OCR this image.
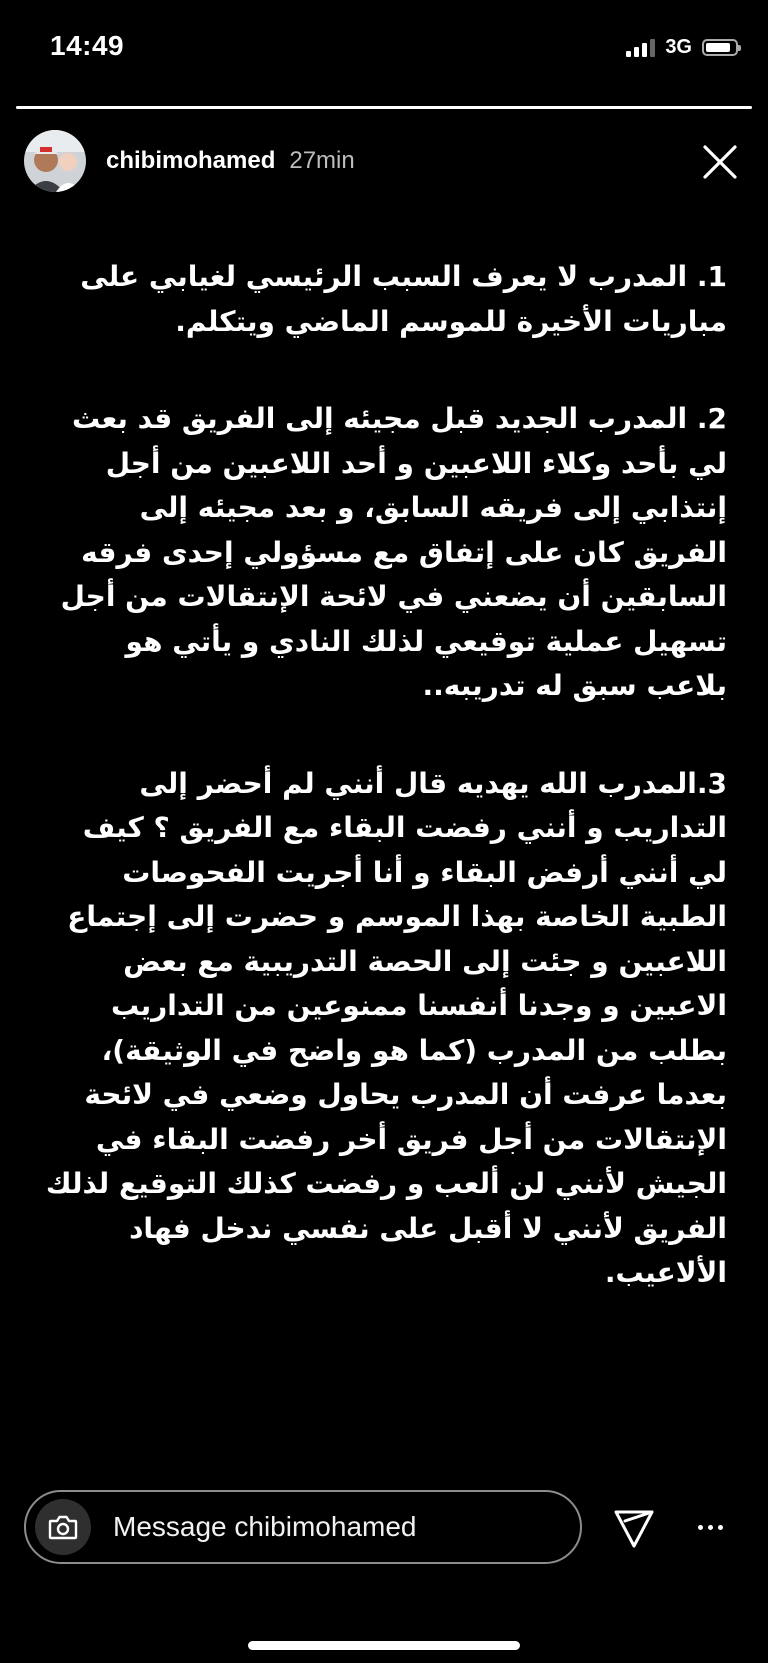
14:49	3G
chibimohamed 27min

1. المدرب لا يعرف السبب الرئيسي لغيابي على مباريات الأخيرة للموسم الماضي ويتكلم.

2. المدرب الجديد قبل مجيئه إلى الفريق قد بعث لي بأحد وكلاء اللاعبين و أحد اللاعبين من أجل إنتذابي إلى فريقه السابق، و بعد مجيئه إلى الفريق كان على إتفاق مع مسؤولي إحدى فرقه السابقين أن يضعني في لائحة الإنتقالات من أجل تسهيل عملية توقيعي لذلك النادي و يأتي هو بلاعب سبق له تدريبه..

3.المدرب الله يهديه قال أنني لم أحضر إلى التداريب و أنني رفضت البقاء مع الفريق ؟ كيف لي أنني أرفض البقاء و أنا أجريت الفحوصات الطبية الخاصة بهذا الموسم و حضرت إلى إجتماع اللاعبين و جئت إلى الحصة التدريبية مع بعض الاعبين و وجدنا أنفسنا ممنوعين من التداريب بطلب من المدرب (كما هو واضح في الوثيقة)، بعدما عرفت أن المدرب يحاول وضعي في لائحة الإنتقالات من أجل فريق أخر رفضت البقاء في الجيش لأنني لن ألعب و رفضت كذلك التوقيع لذلك الفريق لأنني لا أقبل على نفسي ندخل فهاد الألاعيب.

Message chibimohamed
